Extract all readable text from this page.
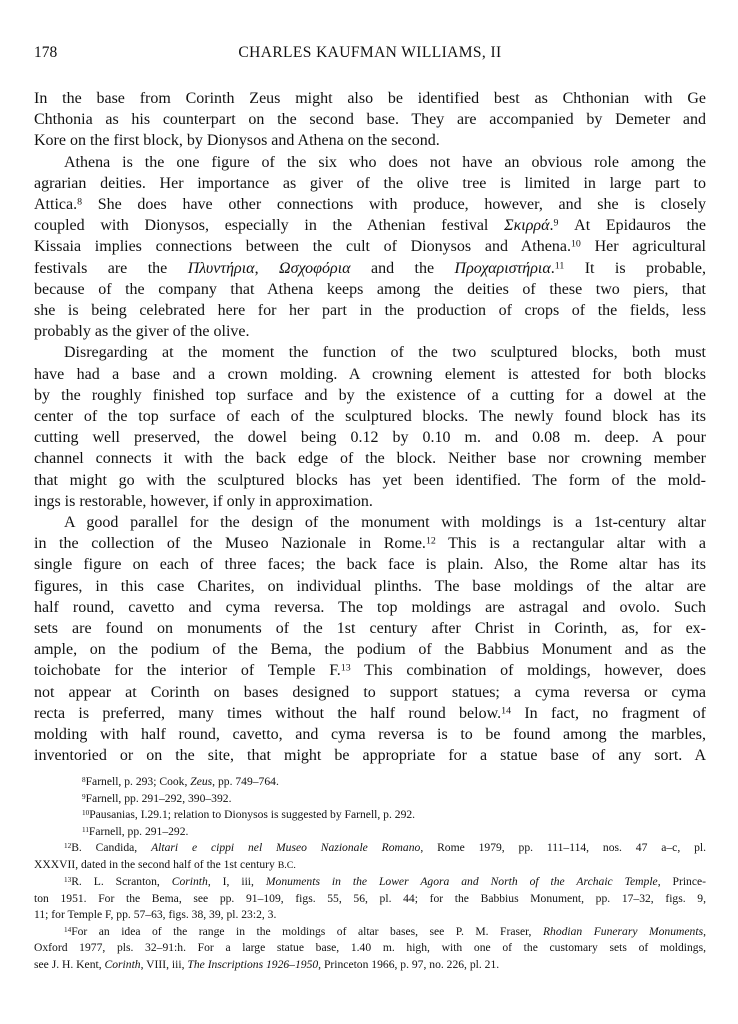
178	CHARLES KAUFMAN WILLIAMS, II
In the base from Corinth Zeus might also be identified best as Chthonian with Ge
Chthonia as his counterpart on the second base. They are accompanied by Demeter and
Kore on the first block, by Dionysos and Athena on the second.
Athena is the one figure of the six who does not have an obvious role among the
agrarian deities. Her importance as giver of the olive tree is limited in large part to
Attica.$^8$ She does have other connections with produce, however, and she is closely
coupled with Dionysos, especially in the Athenian festival Σκιρρά.$^9$ At Epidauros the
Kissaia implies connections between the cult of Dionysos and Athena.$^{10}$ Her agricultural
festivals are the Πλυντήρια, Ωσχοφόρια and the Προχαριστήρια.$^{11}$ It is probable,
because of the company that Athena keeps among the deities of these two piers, that
she is being celebrated here for her part in the production of crops of the fields, less
probably as the giver of the olive.
Disregarding at the moment the function of the two sculptured blocks, both must
have had a base and a crown molding. A crowning element is attested for both blocks
by the roughly finished top surface and by the existence of a cutting for a dowel at the
center of the top surface of each of the sculptured blocks. The newly found block has its
cutting well preserved, the dowel being 0.12 by 0.10 m. and 0.08 m. deep. A pour
channel connects it with the back edge of the block. Neither base nor crowning member
that might go with the sculptured blocks has yet been identified. The form of the mold-
ings is restorable, however, if only in approximation.
A good parallel for the design of the monument with moldings is a 1st-century altar
in the collection of the Museo Nazionale in Rome.$^{12}$ This is a rectangular altar with a
single figure on each of three faces; the back face is plain. Also, the Rome altar has its
figures, in this case Charites, on individual plinths. The base moldings of the altar are
half round, cavetto and cyma reversa. The top moldings are astragal and ovolo. Such
sets are found on monuments of the 1st century after Christ in Corinth, as, for ex-
ample, on the podium of the Bema, the podium of the Babbius Monument and as the
toichobate for the interior of Temple F.$^{13}$ This combination of moldings, however, does
not appear at Corinth on bases designed to support statues; a cyma reversa or cyma
recta is preferred, many times without the half round below.$^{14}$ In fact, no fragment of
molding with half round, cavetto, and cyma reversa is to be found among the marbles,
inventoried or on the site, that might be appropriate for a statue base of any sort. A
$^8$Farnell, p. 293; Cook, Zeus, pp. 749–764.
$^9$Farnell, pp. 291–292, 390–392.
$^{10}$Pausanias, I.29.1; relation to Dionysos is suggested by Farnell, p. 292.
$^{11}$Farnell, pp. 291–292.
$^{12}$B. Candida, Altari e cippi nel Museo Nazionale Romano, Rome 1979, pp. 111–114, nos. 47 a–c, pl.
XXXVII, dated in the second half of the 1st century B.C.
$^{13}$R. L. Scranton, Corinth, I, iii, Monuments in the Lower Agora and North of the Archaic Temple, Prince-
ton 1951. For the Bema, see pp. 91–109, figs. 55, 56, pl. 44; for the Babbius Monument, pp. 17–32, figs. 9,
11; for Temple F, pp. 57–63, figs. 38, 39, pl. 23:2, 3.
$^{14}$For an idea of the range in the moldings of altar bases, see P. M. Fraser, Rhodian Funerary Monuments,
Oxford 1977, pls. 32–91:h. For a large statue base, 1.40 m. high, with one of the customary sets of moldings,
see J. H. Kent, Corinth, VIII, iii, The Inscriptions 1926–1950, Princeton 1966, p. 97, no. 226, pl. 21.
